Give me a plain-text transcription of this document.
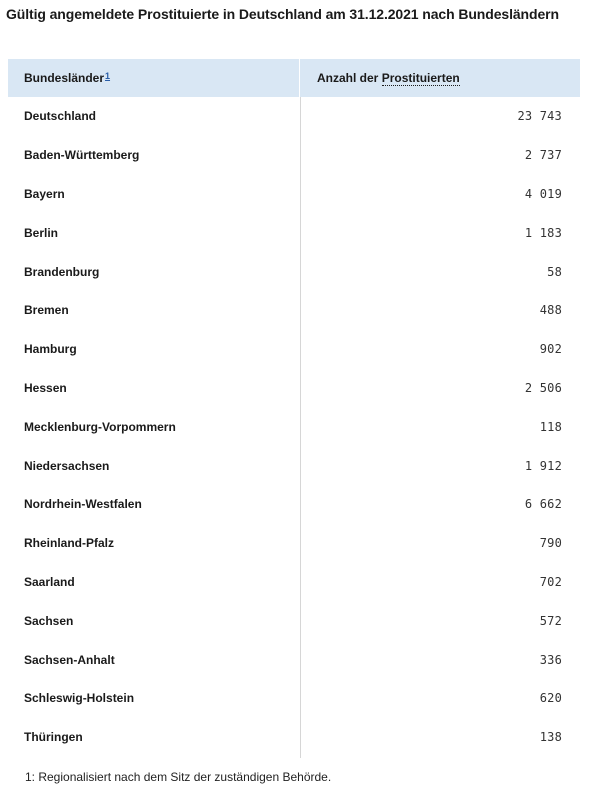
Gültig angemeldete Prostituierte in Deutschland am 31.12.2021 nach Bundesländern
Bundesländer$^1$	Anzahl der
Prostituierten
Deutschland	23 743
Baden-Württemberg	2 737
Bayern	4 019
Berlin	1 183
Brandenburg	58
Bremen	488
Hamburg	902
Hessen	2 506
Mecklenburg-Vorpommern	118
Niedersachsen	1 912
Nordrhein-Westfalen	6 662
Rheinland-Pfalz	790
Saarland	702
Sachsen	572
Sachsen-Anhalt	336
Schleswig-Holstein	620
Thüringen	138
1: Regionalisiert nach dem Sitz der zuständigen Behörde.
